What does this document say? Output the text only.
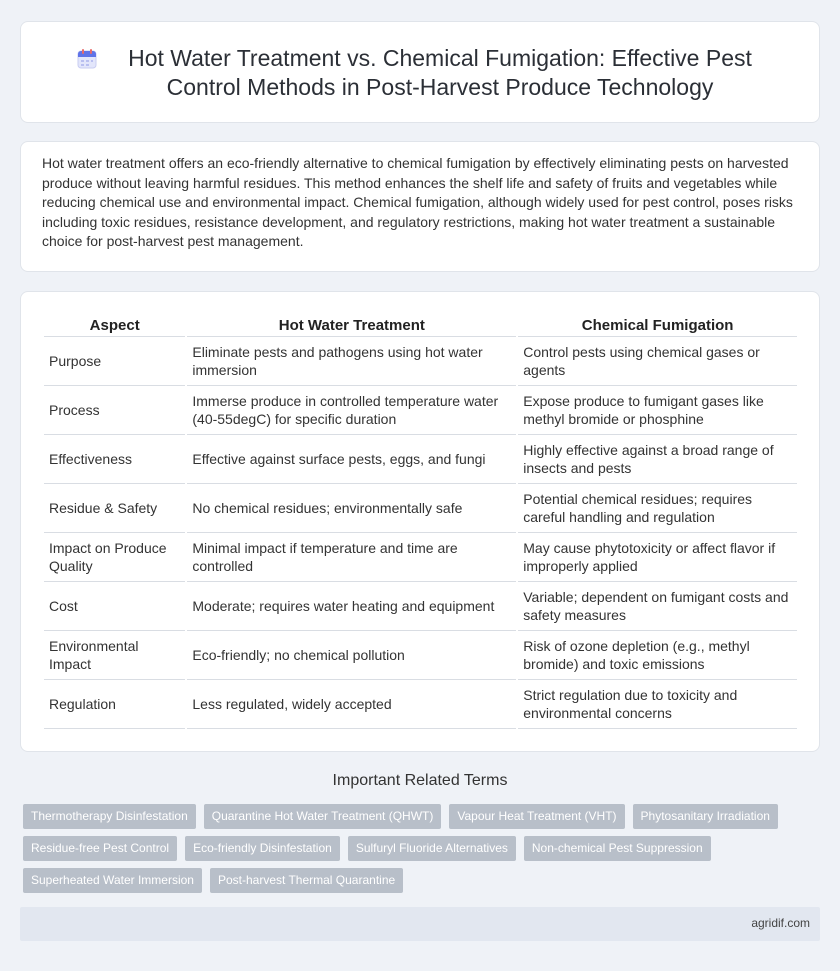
Hot Water Treatment vs. Chemical Fumigation: Effective Pest Control Methods in Post-Harvest Produce Technology

Hot water treatment offers an eco-friendly alternative to chemical fumigation by effectively eliminating pests on harvested produce without leaving harmful residues. This method enhances the shelf life and safety of fruits and vegetables while reducing chemical use and environmental impact. Chemical fumigation, although widely used for pest control, poses risks including toxic residues, resistance development, and regulatory restrictions, making hot water treatment a sustainable choice for post-harvest pest management.

Aspect	Hot Water Treatment	Chemical Fumigation
Purpose	Eliminate pests and pathogens using hot water immersion	Control pests using chemical gases or agents
Process	Immerse produce in controlled temperature water (40-55degC) for specific duration	Expose produce to fumigant gases like methyl bromide or phosphine
Effectiveness	Effective against surface pests, eggs, and fungi	Highly effective against a broad range of insects and pests
Residue & Safety	No chemical residues; environmentally safe	Potential chemical residues; requires careful handling and regulation
Impact on Produce Quality	Minimal impact if temperature and time are controlled	May cause phytotoxicity or affect flavor if improperly applied
Cost	Moderate; requires water heating and equipment	Variable; dependent on fumigant costs and safety measures
Environmental Impact	Eco-friendly; no chemical pollution	Risk of ozone depletion (e.g., methyl bromide) and toxic emissions
Regulation	Less regulated, widely accepted	Strict regulation due to toxicity and environmental concerns
Important Related Terms
Thermotherapy Disinfestation	Quarantine Hot Water Treatment (QHWT)	Vapour Heat Treatment (VHT)	Phytosanitary Irradiation
Residue-free Pest Control	Eco-friendly Disinfestation	Sulfuryl Fluoride Alternatives	Non-chemical Pest Suppression
Superheated Water Immersion	Post-harvest Thermal Quarantine
agridif.com
